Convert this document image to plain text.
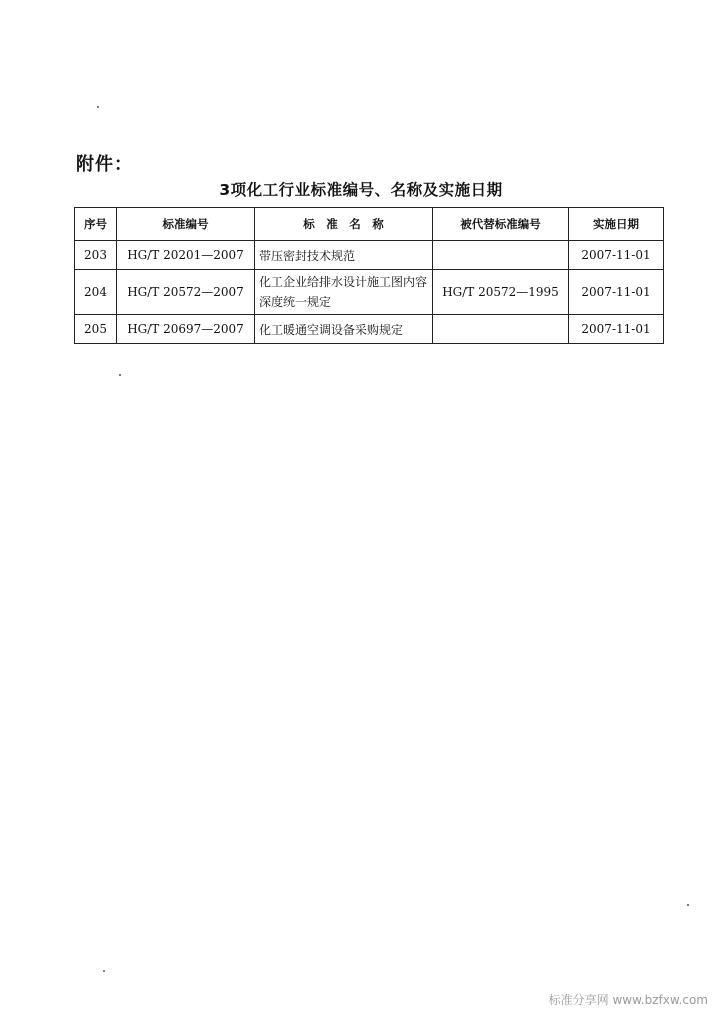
附件：
3项化工行业标准编号、名称及实施日期
序号	标准编号	标　准　名　称	被代替标准编号	实施日期
203	HG/T 20201—2007	带压密封技术规范		2007-11-01
204	HG/T 20572—2007	化工企业给排水设计施工图内容深度统一规定	HG/T 20572—1995	2007-11-01
205	HG/T 20697—2007	化工暖通空调设备采购规定		2007-11-01
标准分享网 www.bzfxw.com
